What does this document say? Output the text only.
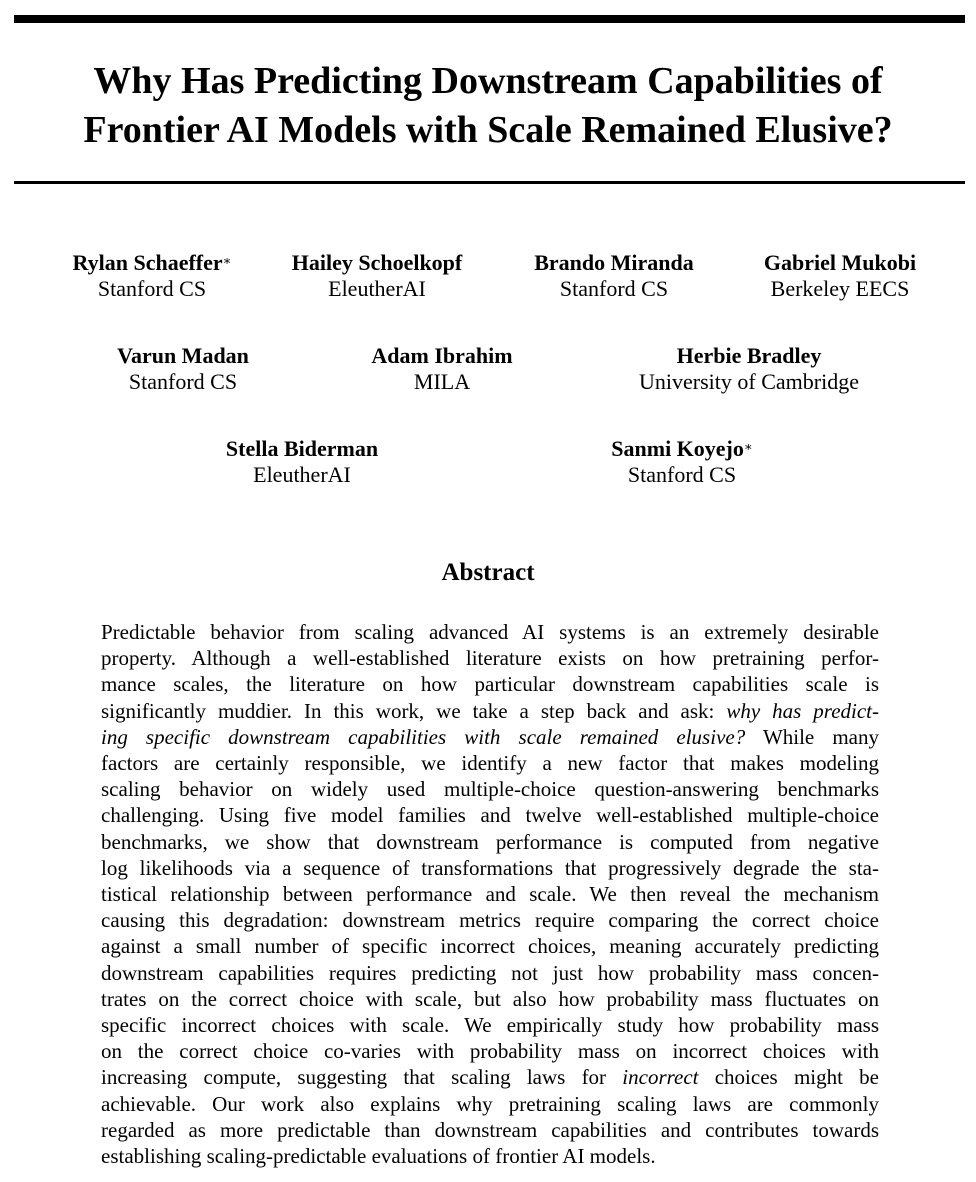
Why Has Predicting Downstream Capabilities of
Frontier AI Models with Scale Remained Elusive?
Rylan Schaeffer∗
Stanford CS
Hailey Schoelkopf
EleutherAI
Brando Miranda
Stanford CS
Gabriel Mukobi
Berkeley EECS
Varun Madan
Stanford CS
Adam Ibrahim
MILA
Herbie Bradley
University of Cambridge
Stella Biderman
EleutherAI
Sanmi Koyejo∗
Stanford CS
Abstract
Predictable behavior from scaling advanced AI systems is an extremely desirable
property. Although a well-established literature exists on how pretraining perfor-
mance scales, the literature on how particular downstream capabilities scale is
significantly muddier. In this work, we take a step back and ask: why has predict-
ing specific downstream capabilities with scale remained elusive? While many
factors are certainly responsible, we identify a new factor that makes modeling
scaling behavior on widely used multiple-choice question-answering benchmarks
challenging. Using five model families and twelve well-established multiple-choice
benchmarks, we show that downstream performance is computed from negative
log likelihoods via a sequence of transformations that progressively degrade the sta-
tistical relationship between performance and scale. We then reveal the mechanism
causing this degradation: downstream metrics require comparing the correct choice
against a small number of specific incorrect choices, meaning accurately predicting
downstream capabilities requires predicting not just how probability mass concen-
trates on the correct choice with scale, but also how probability mass fluctuates on
specific incorrect choices with scale. We empirically study how probability mass
on the correct choice co-varies with probability mass on incorrect choices with
increasing compute, suggesting that scaling laws for incorrect choices might be
achievable. Our work also explains why pretraining scaling laws are commonly
regarded as more predictable than downstream capabilities and contributes towards
establishing scaling-predictable evaluations of frontier AI models.
